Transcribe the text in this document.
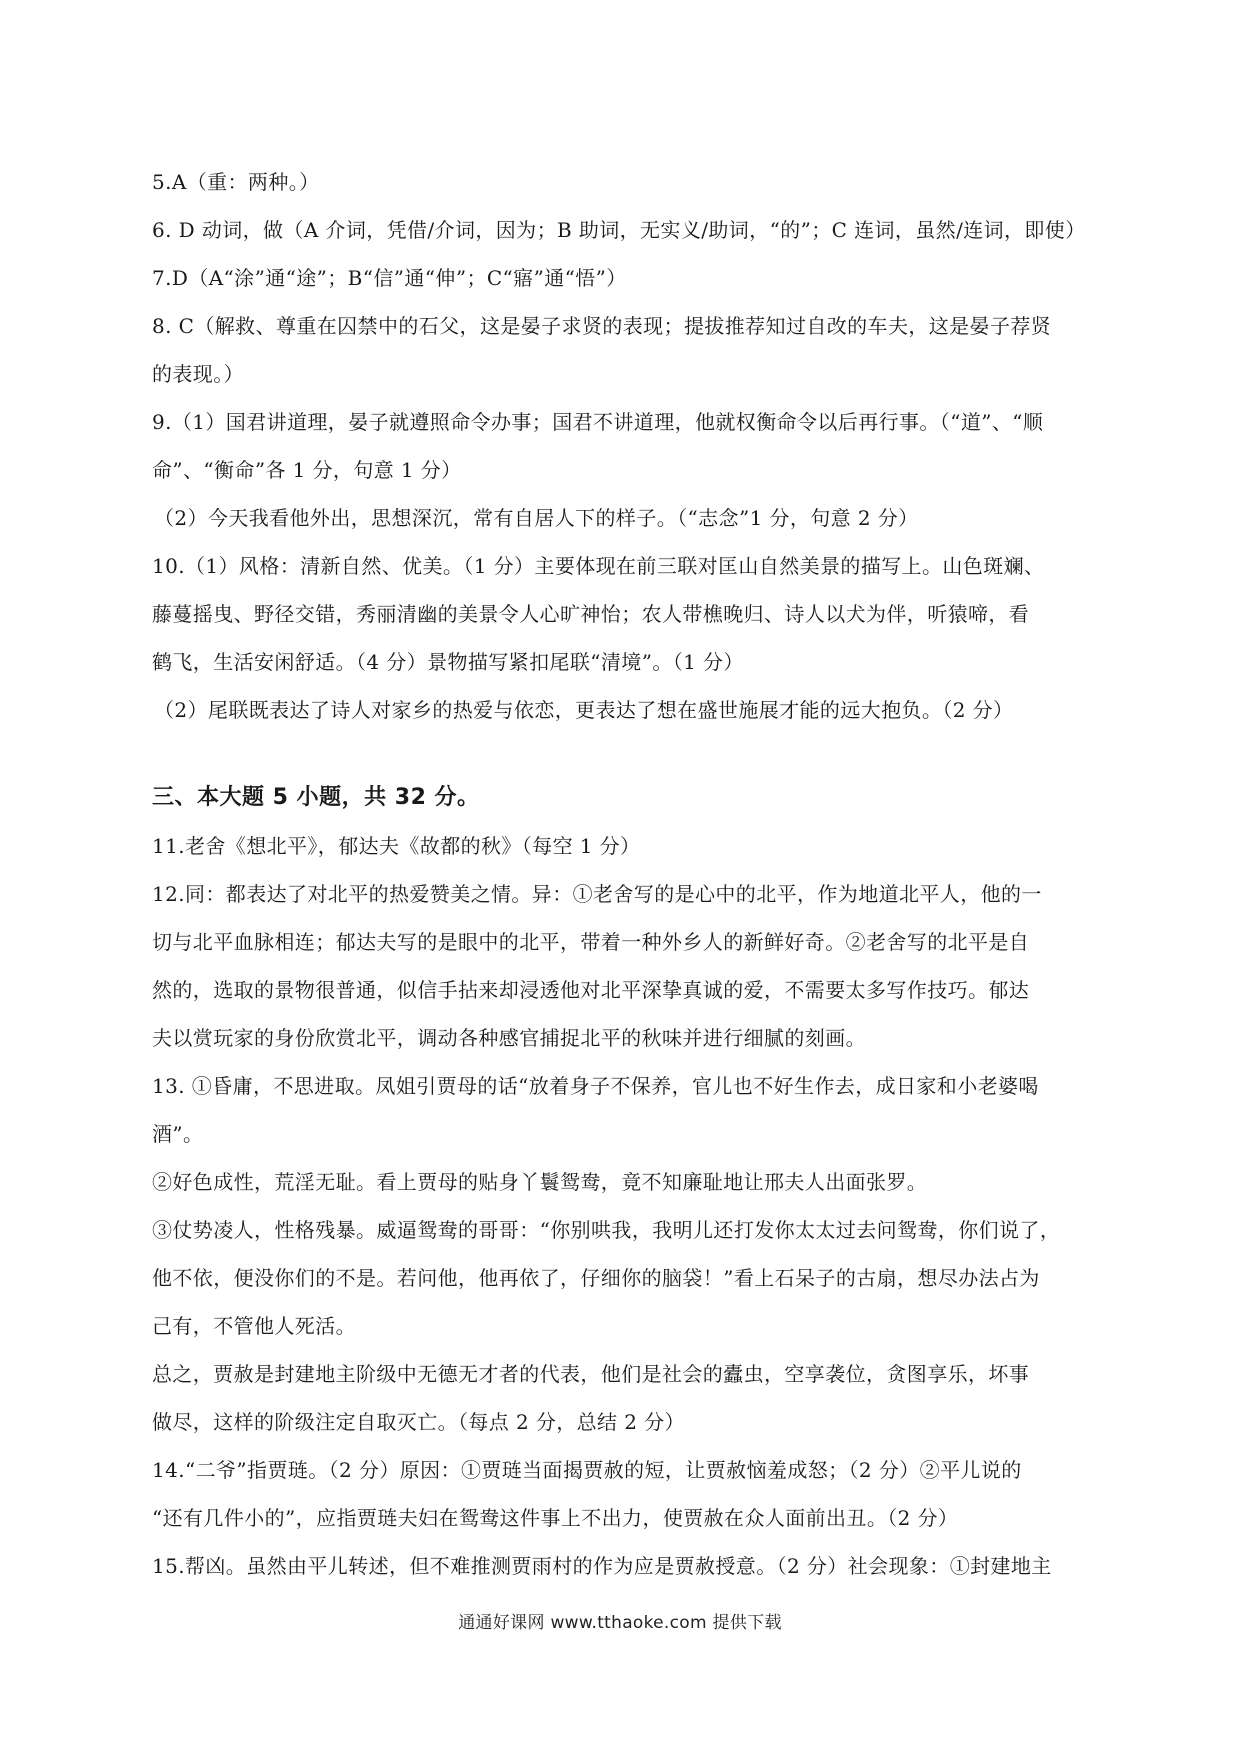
5.A（重：两种。）
6. D 动词，做（A 介词，凭借/介词，因为；B 助词，无实义/助词，“的”；C 连词，虽然/连词，即使）
7.D（A“涂”通“途”；B“信”通“伸”；C“寤”通“悟”）
8. C（解救、尊重在囚禁中的石父，这是晏子求贤的表现；提拔推荐知过自改的车夫，这是晏子荐贤
的表现。）
9.（1）国君讲道理，晏子就遵照命令办事；国君不讲道理，他就权衡命令以后再行事。（“道”、“顺
命”、“衡命”各 1 分，句意 1 分）
（2）今天我看他外出，思想深沉，常有自居人下的样子。（“志念”1 分，句意 2 分）
10.（1）风格：清新自然、优美。（1 分）主要体现在前三联对匡山自然美景的描写上。山色斑斓、
藤蔓摇曳、野径交错，秀丽清幽的美景令人心旷神怡；农人带樵晚归、诗人以犬为伴，听猿啼，看
鹤飞，生活安闲舒适。（4 分）景物描写紧扣尾联“清境”。（1 分）
（2）尾联既表达了诗人对家乡的热爱与依恋，更表达了想在盛世施展才能的远大抱负。（2 分）
三、本大题 5 小题，共 32 分。
11.老舍《想北平》，郁达夫《故都的秋》（每空 1 分）
12.同：都表达了对北平的热爱赞美之情。异：①老舍写的是心中的北平，作为地道北平人，他的一
切与北平血脉相连；郁达夫写的是眼中的北平，带着一种外乡人的新鲜好奇。②老舍写的北平是自
然的，选取的景物很普通，似信手拈来却浸透他对北平深挚真诚的爱，不需要太多写作技巧。郁达
夫以赏玩家的身份欣赏北平，调动各种感官捕捉北平的秋味并进行细腻的刻画。
13. ①昏庸，不思进取。凤姐引贾母的话“放着身子不保养，官儿也不好生作去，成日家和小老婆喝
酒”。
②好色成性，荒淫无耻。看上贾母的贴身丫鬟鸳鸯，竟不知廉耻地让邢夫人出面张罗。
③仗势凌人，性格残暴。威逼鸳鸯的哥哥：“你别哄我，我明儿还打发你太太过去问鸳鸯，你们说了，
他不依，便没你们的不是。若问他，他再依了，仔细你的脑袋！”看上石呆子的古扇，想尽办法占为
己有，不管他人死活。
总之，贾赦是封建地主阶级中无德无才者的代表，他们是社会的蠹虫，空享袭位，贪图享乐，坏事
做尽，这样的阶级注定自取灭亡。（每点 2 分，总结 2 分）
14.“二爷”指贾琏。（2 分）原因：①贾琏当面揭贾赦的短，让贾赦恼羞成怒；（2 分）②平儿说的
“还有几件小的”，应指贾琏夫妇在鸳鸯这件事上不出力，使贾赦在众人面前出丑。（2 分）
15.帮凶。虽然由平儿转述，但不难推测贾雨村的作为应是贾赦授意。（2 分）社会现象：①封建地主
通通好课网 www.tthaoke.com 提供下载
